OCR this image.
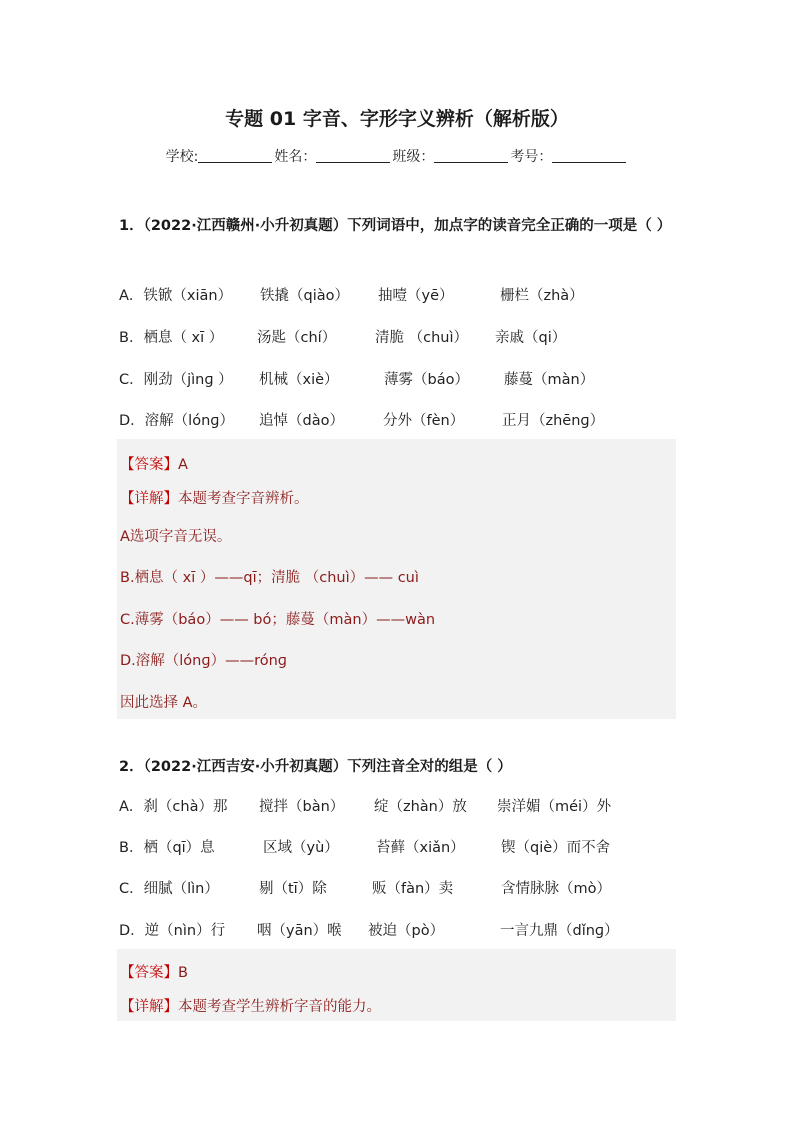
专题 01 字音、字形字义辨析（解析版）
学校:	姓名：	班级：	考号：
1．（2022·江西赣州·小升初真题）下列词语中，加点字的读音完全正确的一项是（ ）
A．铁锨（xiān） 铁撬（qiào） 抽噎（yē）	栅栏（zhà）
B．栖息（ xī ） 汤匙（chí）	清脆 （chuì） 亲戚（qi）
C．刚劲（jìnɡ ） 机械（xiè）	薄雾（báo） 藤蔓（màn）
D．溶解（lónɡ） 追悼（dào）	分外（fèn）	正月（zhēnɡ）
【答案】A
【详解】本题考查字音辨析。
A选项字音无误。
B.栖息（ xī ）——qī；清脆 （chuì）—— cuì
C.薄雾（báo）—— bó；藤蔓（màn）——wàn
D.溶解（lónɡ）——rónɡ
因此选择 A。
2．（2022·江西吉安·小升初真题）下列注音全对的组是（ ）
A．刹（chà）那 搅拌（bàn） 绽（zhàn）放 崇洋媚（méi）外
B．栖（qī）息	区域（yù）	苔藓（xiǎn）	锲（qiè）而不舍
C．细腻（lìn）	剔（tī）除	贩（fàn）卖	含情脉脉（mò）
D．逆（nìn）行 咽（yān）喉 被迫（pò）	一言九鼎（dǐnɡ）
【答案】B
【详解】本题考查学生辨析字音的能力。
